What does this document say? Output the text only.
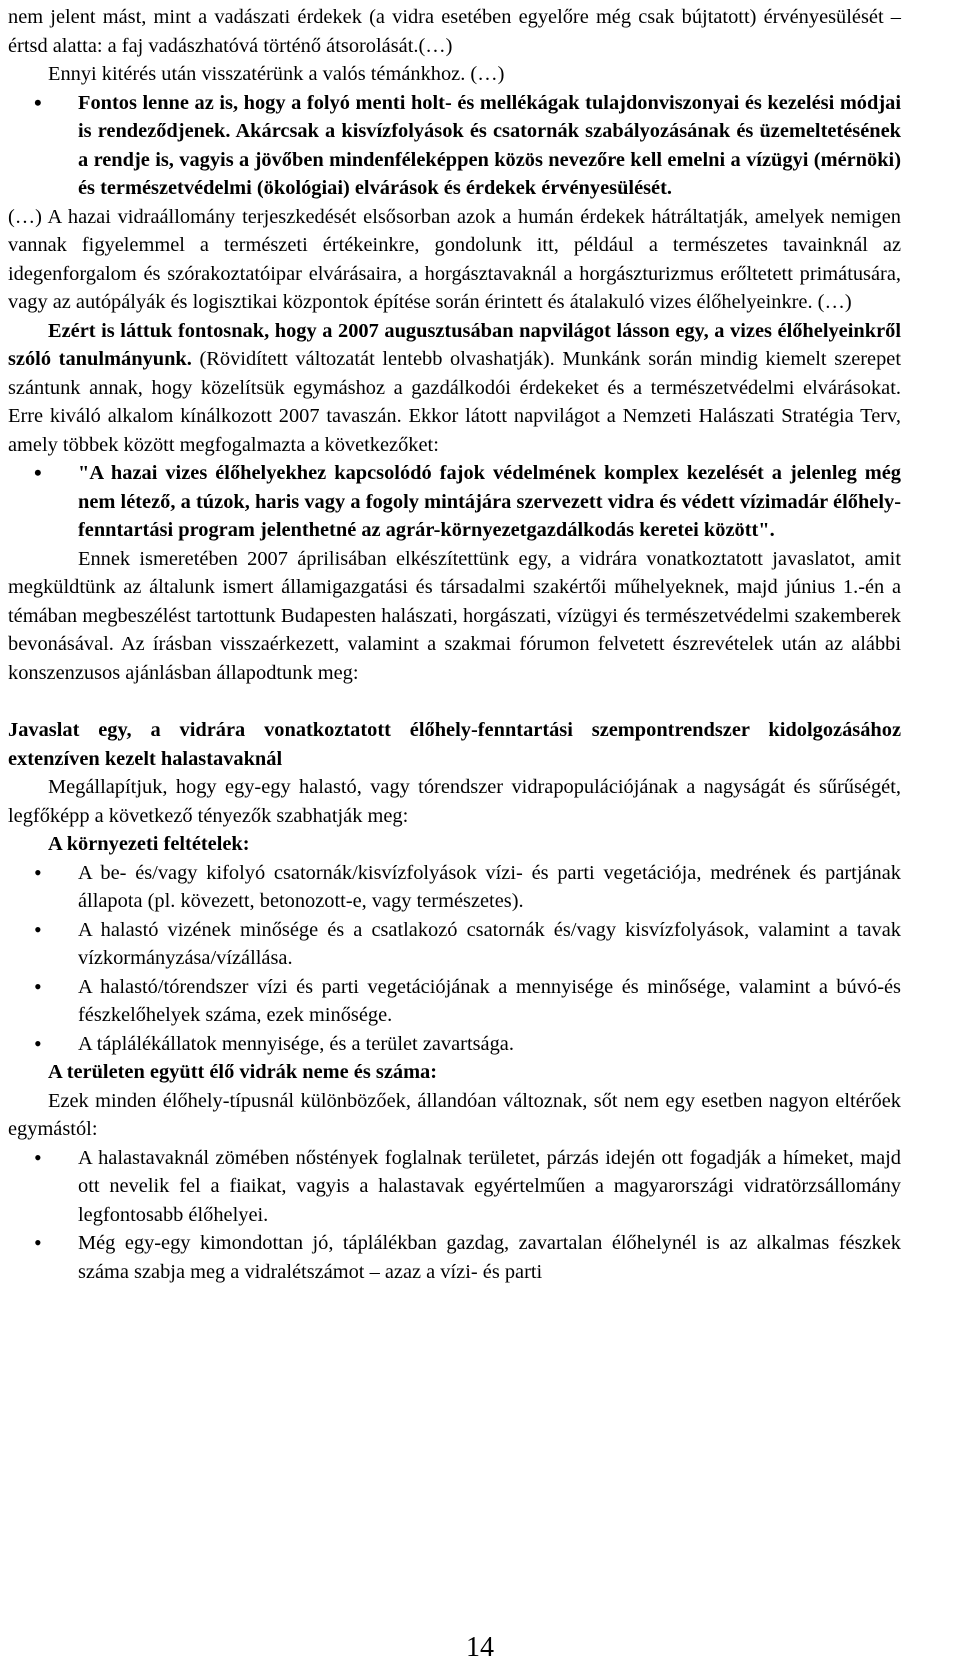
nem jelent mást, mint a vadászati érdekek (a vidra esetében egyelőre még csak bújtatott) érvényesülését – értsd alatta: a faj vadászhatóvá történő átsorolását.(…)

Ennyi kitérés után visszatérünk a valós témánkhoz. (…)

• Fontos lenne az is, hogy a folyó menti holt- és mellékágak tulajdonviszonyai és kezelési módjai is rendeződjenek. Akárcsak a kisvízfolyások és csatornák szabályozásának és üzemeltetésének a rendje is, vagyis a jövőben mindenféleképpen közös nevezőre kell emelni a vízügyi (mérnöki) és természetvédelmi (ökológiai) elvárások és érdekek érvényesülését.

(…) A hazai vidraállomány terjeszkedését elsősorban azok a humán érdekek hátráltatják, amelyek nemigen vannak figyelemmel a természeti értékeinkre, gondolunk itt, például a természetes tavainknál az idegenforgalom és szórakoztatóipar elvárásaira, a horgásztavaknál a horgászturizmus erőltetett primátusára, vagy az autópályák és logisztikai központok építése során érintett és átalakuló vizes élőhelyeinkre. (…)

Ezért is láttuk fontosnak, hogy a 2007 augusztusában napvilágot lásson egy, a vizes élőhelyeinkről szóló tanulmányunk. (Rövidített változatát lentebb olvashatják). Munkánk során mindig kiemelt szerepet szántunk annak, hogy közelítsük egymáshoz a gazdálkodói érdekeket és a természetvédelmi elvárásokat. Erre kiváló alkalom kínálkozott 2007 tavaszán. Ekkor látott napvilágot a Nemzeti Halászati Stratégia Terv, amely többek között megfogalmazta a következőket:

• "A hazai vizes élőhelyekhez kapcsolódó fajok védelmének komplex kezelését a jelenleg még nem létező, a túzok, haris vagy a fogoly mintájára szervezett vidra és védett vízimadár élőhely-fenntartási program jelenthetné az agrár-környezetgazdálkodás keretei között".

Ennek ismeretében 2007 áprilisában elkészítettünk egy, a vidrára vonatkoztatott javaslatot, amit megküldtünk az általunk ismert államigazgatási és társadalmi szakértői műhelyeknek, majd június 1.-én a témában megbeszélést tartottunk Budapesten halászati, horgászati, vízügyi és természetvédelmi szakemberek bevonásával. Az írásban visszaérkezett, valamint a szakmai fórumon felvetett észrevételek után az alábbi konszenzusos ajánlásban állapodtunk meg:

Javaslat egy, a vidrára vonatkoztatott élőhely-fenntartási szempontrendszer kidolgozásához extenzíven kezelt halastavaknál

Megállapítjuk, hogy egy-egy halastó, vagy tórendszer vidrapopulációjának a nagyságát és sűrűségét, legfőképp a következő tényezők szabhatják meg:

A környezeti feltételek:

• A be- és/vagy kifolyó csatornák/kisvízfolyások vízi- és parti vegetációja, medrének és partjának állapota (pl. kövezett, betonozott-e, vagy természetes).
• A halastó vizének minősége és a csatlakozó csatornák és/vagy kisvízfolyások, valamint a tavak vízkormányzása/vízállása.
• A halastó/tórendszer vízi és parti vegetációjának a mennyisége és minősége, valamint a búvó-és fészkelőhelyek száma, ezek minősége.
• A táplálékállatok mennyisége, és a terület zavartsága.

A területen együtt élő vidrák neme és száma:

Ezek minden élőhely-típusnál különbözőek, állandóan változnak, sőt nem egy esetben nagyon eltérőek egymástól:

• A halastavaknál zömében nőstények foglalnak területet, párzás idején ott fogadják a hímeket, majd ott nevelik fel a fiaikat, vagyis a halastavak egyértelműen a magyarországi vidratörzsállomány legfontosabb élőhelyei.
• Még egy-egy kimondottan jó, táplálékban gazdag, zavartalan élőhelynél is az alkalmas fészkek száma szabja meg a vidralétszámot – azaz a vízi- és parti
14
